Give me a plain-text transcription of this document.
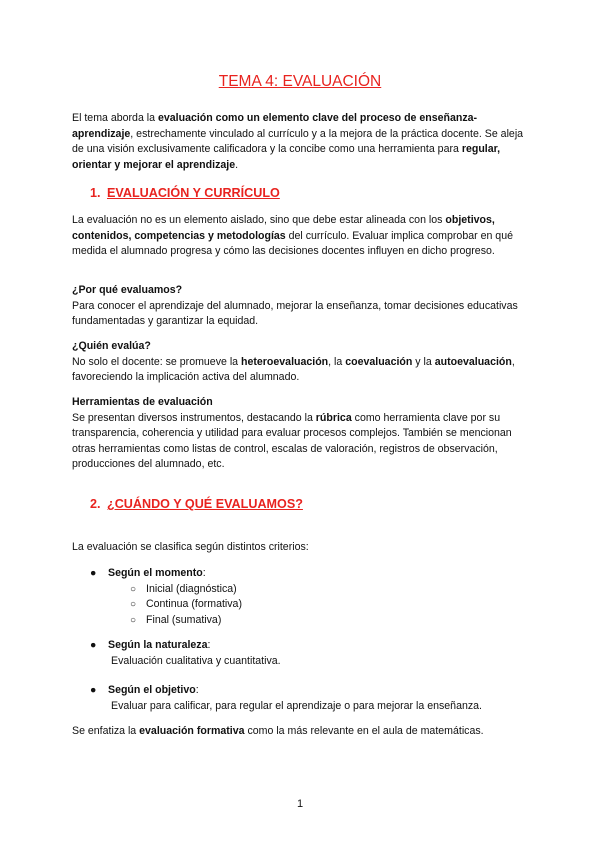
TEMA 4: EVALUACIÓN
El tema aborda la evaluación como un elemento clave del proceso de enseñanza-aprendizaje, estrechamente vinculado al currículo y a la mejora de la práctica docente. Se aleja de una visión exclusivamente calificadora y la concibe como una herramienta para regular, orientar y mejorar el aprendizaje.
1. EVALUACIÓN Y CURRÍCULO
La evaluación no es un elemento aislado, sino que debe estar alineada con los objetivos, contenidos, competencias y metodologías del currículo. Evaluar implica comprobar en qué medida el alumnado progresa y cómo las decisiones docentes influyen en dicho progreso.
¿Por qué evaluamos?
Para conocer el aprendizaje del alumnado, mejorar la enseñanza, tomar decisiones educativas fundamentadas y garantizar la equidad.
¿Quién evalúa?
No solo el docente: se promueve la heteroevaluación, la coevaluación y la autoevaluación, favoreciendo la implicación activa del alumnado.
Herramientas de evaluación
Se presentan diversos instrumentos, destacando la rúbrica como herramienta clave por su transparencia, coherencia y utilidad para evaluar procesos complejos. También se mencionan otras herramientas como listas de control, escalas de valoración, registros de observación, producciones del alumnado, etc.
2. ¿CUÁNDO Y QUÉ EVALUAMOS?
La evaluación se clasifica según distintos criterios:
●	Según el momento:
○ Inicial (diagnóstica)
○ Continua (formativa)
○ Final (sumativa)
●	Según la naturaleza:
Evaluación cualitativa y cuantitativa.
●	Según el objetivo:
Evaluar para calificar, para regular el aprendizaje o para mejorar la enseñanza.
Se enfatiza la evaluación formativa como la más relevante en el aula de matemáticas.
1
